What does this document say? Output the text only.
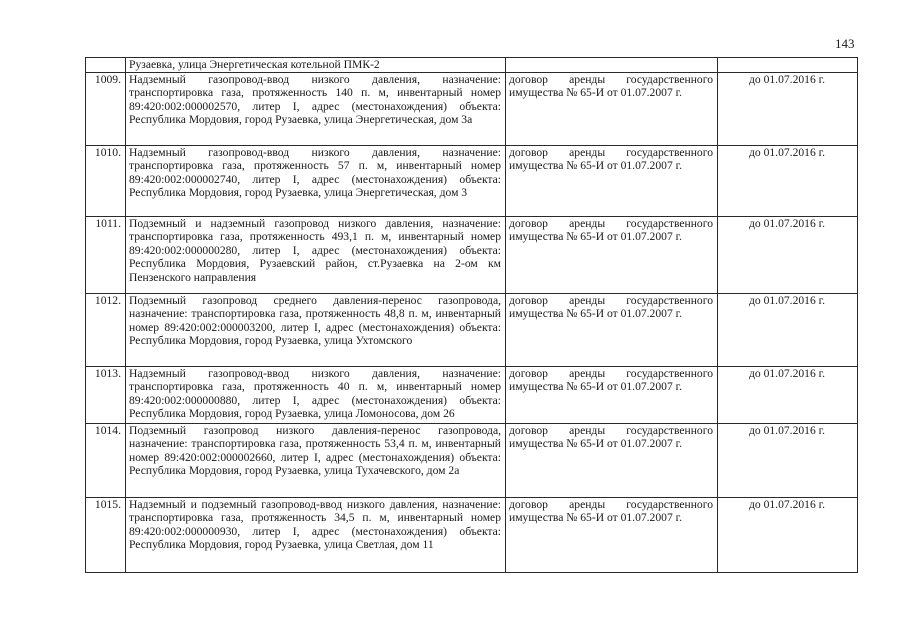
143
	Рузаевка, улица Энергетическая котельной ПМК-2		
1009.	Надземный газопровод-ввод низкого давления, назначение: транспортировка газа, протяженность 140 п. м, инвентарный номер 89:420:002:000002570, литер I, адрес (местонахождения) объекта: Республика Мордовия, город Рузаевка, улица Энергетическая, дом 3а	договор аренды государственного имущества № 65-И от 01.07.2007 г.	до 01.07.2016 г.
1010.	Надземный газопровод-ввод низкого давления, назначение: транспортировка газа, протяженность 57 п. м, инвентарный номер 89:420:002:000002740, литер I, адрес (местонахождения) объекта: Республика Мордовия, город Рузаевка, улица Энергетическая, дом 3	договор аренды государственного имущества № 65-И от 01.07.2007 г.	до 01.07.2016 г.
1011.	Подземный и надземный газопровод низкого давления, назначение: транспортировка газа, протяженность 493,1 п. м, инвентарный номер 89:420:002:000000280, литер I, адрес (местонахождения) объекта: Республика Мордовия, Рузаевский район, ст.Рузаевка на 2-ом км Пензенского направления	договор аренды государственного имущества № 65-И от 01.07.2007 г.	до 01.07.2016 г.
1012.	Подземный газопровод среднего давления-перенос газопровода, назначение: транспортировка газа, протяженность 48,8 п. м, инвентарный номер 89:420:002:000003200, литер I, адрес (местонахождения) объекта: Республика Мордовия, город Рузаевка, улица Ухтомского	договор аренды государственного имущества № 65-И от 01.07.2007 г.	до 01.07.2016 г.
1013.	Надземный газопровод-ввод низкого давления, назначение: транспортировка газа, протяженность 40 п. м, инвентарный номер 89:420:002:000000880, литер I, адрес (местонахождения) объекта: Республика Мордовия, город Рузаевка, улица Ломоносова, дом 26	договор аренды государственного имущества № 65-И от 01.07.2007 г.	до 01.07.2016 г.
1014.	Подземный газопровод низкого давления-перенос газопровода, назначение: транспортировка газа, протяженность 53,4 п. м, инвентарный номер 89:420:002:000002660, литер I, адрес (местонахождения) объекта: Республика Мордовия, город Рузаевка, улица Тухачевского, дом 2а	договор аренды государственного имущества № 65-И от 01.07.2007 г.	до 01.07.2016 г.
1015.	Надземный и подземный газопровод-ввод низкого давления, назначение: транспортировка газа, протяженность 34,5 п. м, инвентарный номер 89:420:002:000000930, литер I, адрес (местонахождения) объекта: Республика Мордовия, город Рузаевка, улица Светлая, дом 11	договор аренды государственного имущества № 65-И от 01.07.2007 г.	до 01.07.2016 г.
